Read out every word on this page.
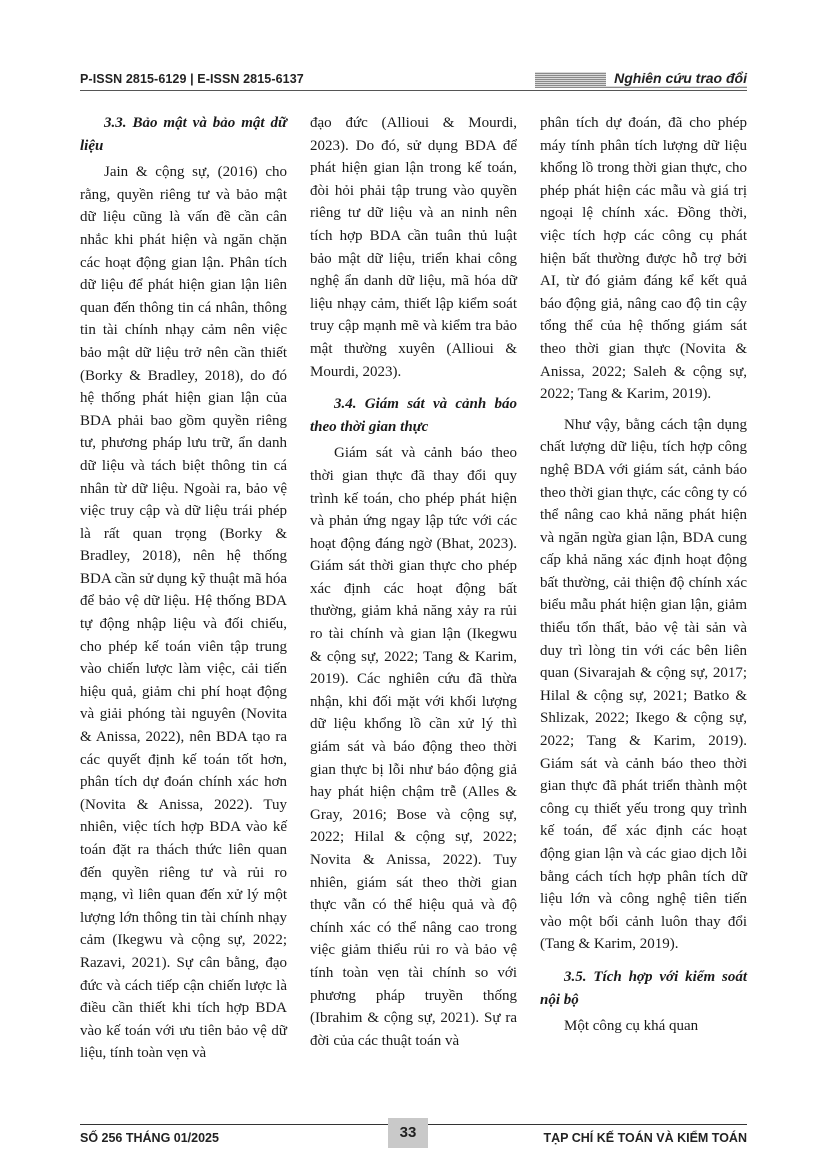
P-ISSN 2815-6129 | E-ISSN 2815-6137	Nghiên cứu trao đổi
3.3. Bảo mật và bảo mật dữ liệu

Jain & cộng sự, (2016) cho rằng, quyền riêng tư và bảo mật dữ liệu cũng là vấn đề cần cân nhắc khi phát hiện và ngăn chặn các hoạt động gian lận. Phân tích dữ liệu để phát hiện gian lận liên quan đến thông tin cá nhân, thông tin tài chính nhạy cảm nên việc bảo mật dữ liệu trở nên cần thiết (Borky & Bradley, 2018), do đó hệ thống phát hiện gian lận của BDA phải bao gồm quyền riêng tư, phương pháp lưu trữ, ẩn danh dữ liệu và tách biệt thông tin cá nhân từ dữ liệu. Ngoài ra, bảo vệ việc truy cập và dữ liệu trái phép là rất quan trọng (Borky & Bradley, 2018), nên hệ thống BDA cần sử dụng kỹ thuật mã hóa để bảo vệ dữ liệu. Hệ thống BDA tự động nhập liệu và đối chiếu, cho phép kế toán viên tập trung vào chiến lược làm việc, cải tiến hiệu quả, giảm chi phí hoạt động và giải phóng tài nguyên (Novita & Anissa, 2022), nên BDA tạo ra các quyết định kế toán tốt hơn, phân tích dự đoán chính xác hơn (Novita & Anissa, 2022). Tuy nhiên, việc tích hợp BDA vào kế toán đặt ra thách thức liên quan đến quyền riêng tư và rủi ro mạng, vì liên quan đến xử lý một lượng lớn thông tin tài chính nhạy cảm (Ikegwu và cộng sự, 2022; Razavi, 2021). Sự cân bằng, đạo đức và cách tiếp cận chiến lược là điều cần thiết khi tích hợp BDA vào kế toán với ưu tiên bảo vệ dữ liệu, tính toàn vẹn và

đạo đức (Allioui & Mourdi, 2023). Do đó, sử dụng BDA để phát hiện gian lận trong kế toán, đòi hỏi phải tập trung vào quyền riêng tư dữ liệu và an ninh nên tích hợp BDA cần tuân thủ luật bảo mật dữ liệu, triển khai công nghệ ẩn danh dữ liệu, mã hóa dữ liệu nhạy cảm, thiết lập kiểm soát truy cập mạnh mẽ và kiểm tra bảo mật thường xuyên (Allioui & Mourdi, 2023).

3.4. Giám sát và cảnh báo theo thời gian thực

Giám sát và cảnh báo theo thời gian thực đã thay đổi quy trình kế toán, cho phép phát hiện và phản ứng ngay lập tức với các hoạt động đáng ngờ (Bhat, 2023). Giám sát thời gian thực cho phép xác định các hoạt động bất thường, giảm khả năng xảy ra rủi ro tài chính và gian lận (Ikegwu & cộng sự, 2022; Tang & Karim, 2019). Các nghiên cứu đã thừa nhận, khi đối mặt với khối lượng dữ liệu khổng lồ cần xử lý thì giám sát và báo động theo thời gian thực bị lỗi như báo động giả hay phát hiện chậm trễ (Alles & Gray, 2016; Bose và cộng sự, 2022; Hilal & cộng sự, 2022; Novita & Anissa, 2022). Tuy nhiên, giám sát theo thời gian thực vẫn có thể hiệu quả và độ chính xác có thể nâng cao trong việc giảm thiểu rủi ro và bảo vệ tính toàn vẹn tài chính so với phương pháp truyền thống (Ibrahim & cộng sự, 2021). Sự ra đời của các thuật toán và

phân tích dự đoán, đã cho phép máy tính phân tích lượng dữ liệu khổng lồ trong thời gian thực, cho phép phát hiện các mẫu và giá trị ngoại lệ chính xác. Đồng thời, việc tích hợp các công cụ phát hiện bất thường được hỗ trợ bởi AI, từ đó giảm đáng kể kết quả báo động giả, nâng cao độ tin cậy tổng thể của hệ thống giám sát theo thời gian thực (Novita & Anissa, 2022; Saleh & cộng sự, 2022; Tang & Karim, 2019).

Như vậy, bằng cách tận dụng chất lượng dữ liệu, tích hợp công nghệ BDA với giám sát, cảnh báo theo thời gian thực, các công ty có thể nâng cao khả năng phát hiện và ngăn ngừa gian lận, BDA cung cấp khả năng xác định hoạt động bất thường, cải thiện độ chính xác biểu mẫu phát hiện gian lận, giảm thiểu tổn thất, bảo vệ tài sản và duy trì lòng tin với các bên liên quan (Sivarajah & cộng sự, 2017; Hilal & cộng sự, 2021; Batko & Shlizak, 2022; Ikego & cộng sự, 2022; Tang & Karim, 2019). Giám sát và cảnh báo theo thời gian thực đã phát triển thành một công cụ thiết yếu trong quy trình kế toán, để xác định các hoạt động gian lận và các giao dịch lỗi bằng cách tích hợp phân tích dữ liệu lớn và công nghệ tiên tiến vào một bối cảnh luôn thay đổi (Tang & Karim, 2019).

3.5. Tích hợp với kiểm soát nội bộ

Một công cụ khá quan

SỐ 256 THÁNG 01/2025	33	TẠP CHÍ KẾ TOÁN VÀ KIỂM TOÁN
